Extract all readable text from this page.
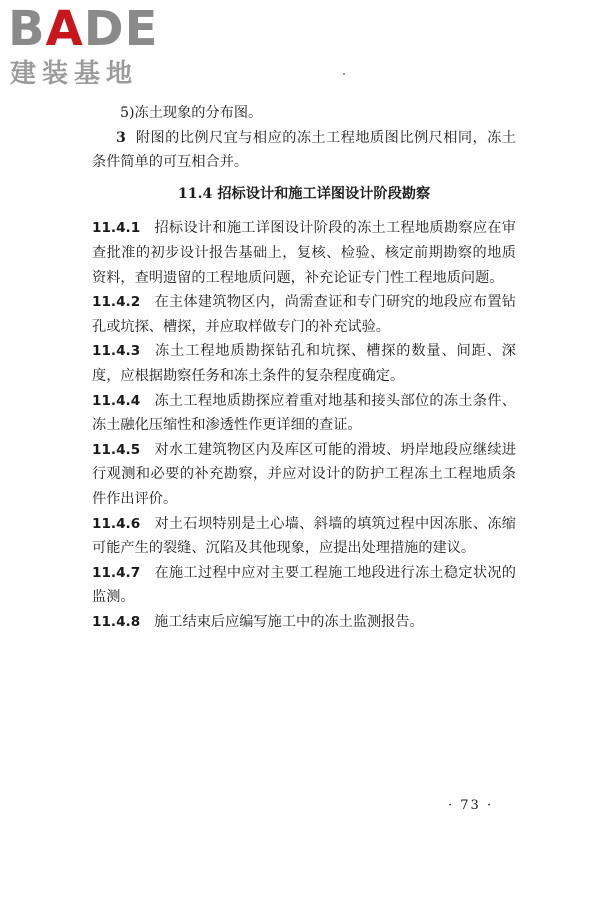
BADE
建装基地

5)冻土现象的分布图。

3 附图的比例尺宜与相应的冻土工程地质图比例尺相同，冻土条件简单的可互相合并。

11.4 招标设计和施工详图设计阶段勘察

11.4.1 招标设计和施工详图设计阶段的冻土工程地质勘察应在审查批准的初步设计报告基础上，复核、检验、核定前期勘察的地质资料，查明遗留的工程地质问题，补充论证专门性工程地质问题。

11.4.2 在主体建筑物区内，尚需查证和专门研究的地段应布置钻孔或坑探、槽探，并应取样做专门的补充试验。

11.4.3 冻土工程地质勘探钻孔和坑探、槽探的数量、间距、深度，应根据勘察任务和冻土条件的复杂程度确定。

11.4.4 冻土工程地质勘探应着重对地基和接头部位的冻土条件、冻土融化压缩性和渗透性作更详细的查证。

11.4.5 对水工建筑物区内及库区可能的滑坡、坍岸地段应继续进行观测和必要的补充勘察，并应对设计的防护工程冻土工程地质条件作出评价。

11.4.6 对土石坝特别是土心墙、斜墙的填筑过程中因冻胀、冻缩可能产生的裂缝、沉陷及其他现象，应提出处理措施的建议。

11.4.7 在施工过程中应对主要工程施工地段进行冻土稳定状况的监测。

11.4.8 施工结束后应编写施工中的冻土监测报告。

· 73 ·
